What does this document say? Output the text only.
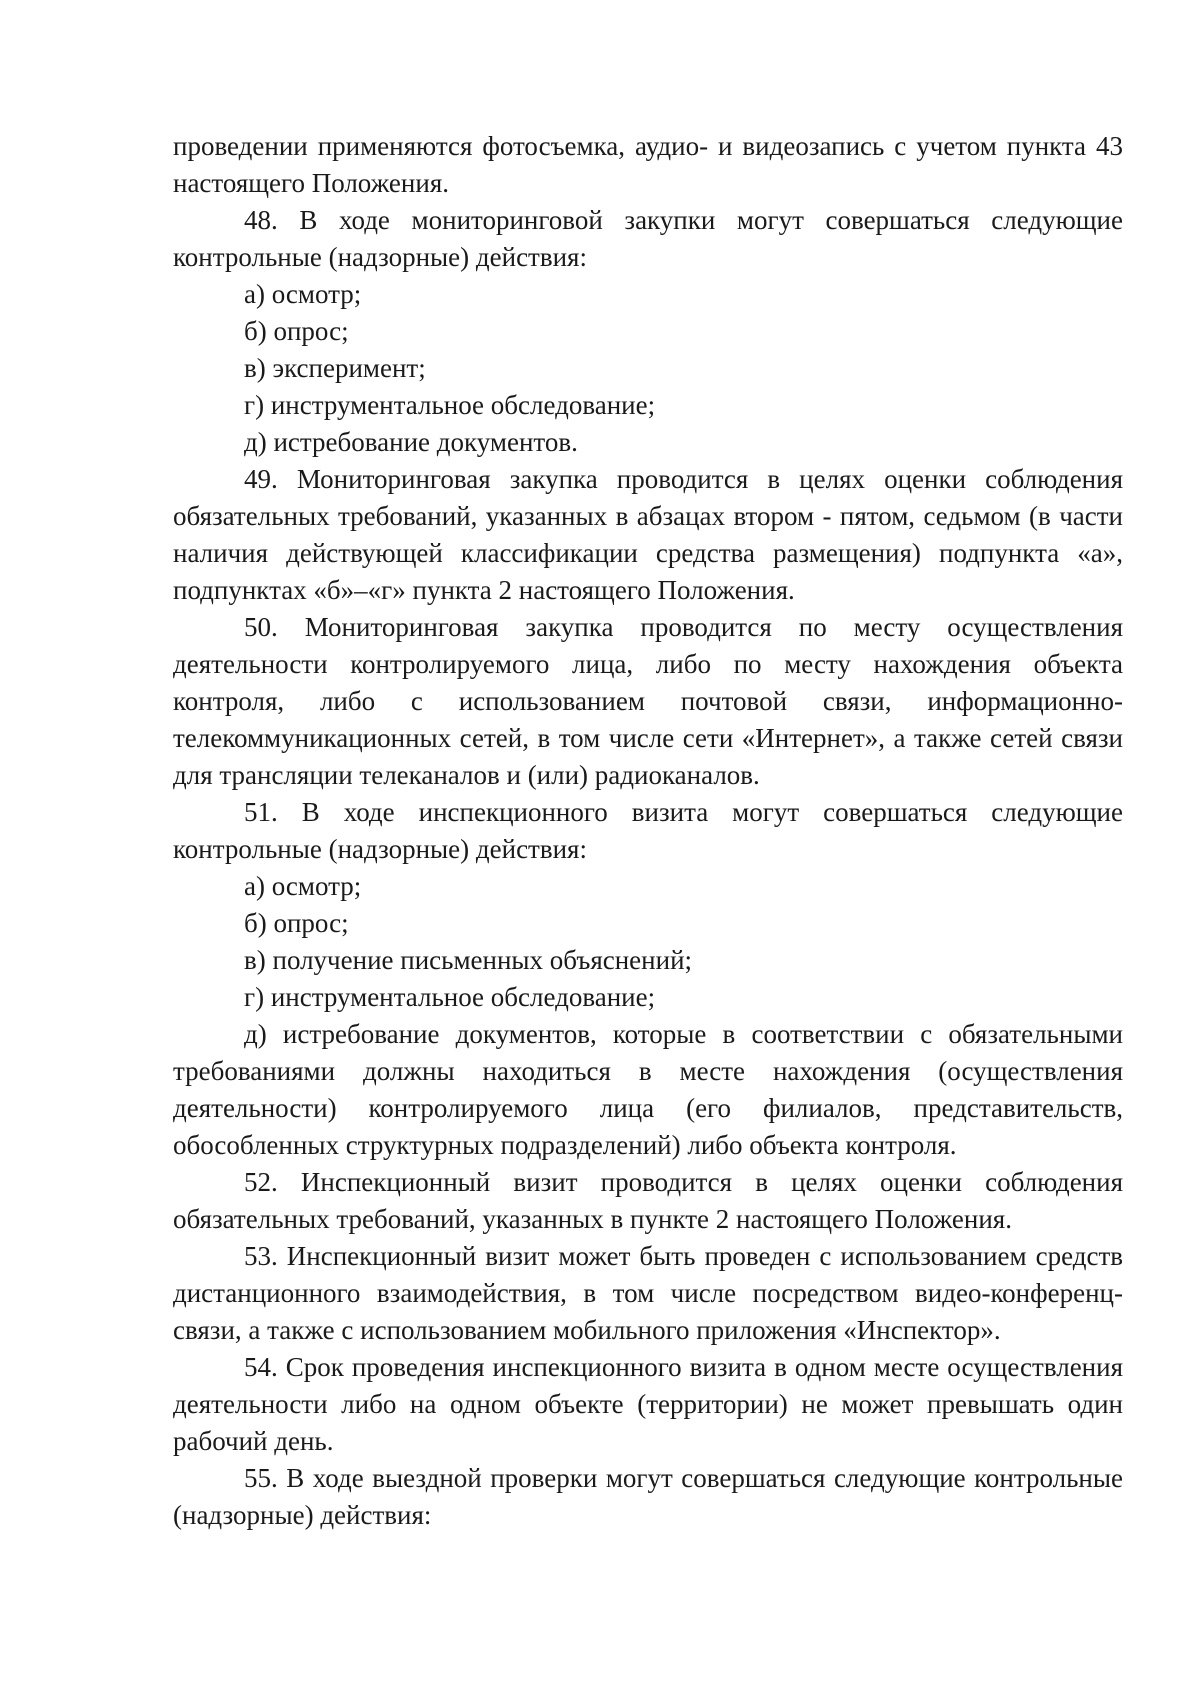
проведении применяются фотосъемка, аудио- и видеозапись с учетом пункта 43 настоящего Положения.

48. В ходе мониторинговой закупки могут совершаться следующие контрольные (надзорные) действия:

а) осмотр;

б) опрос;

в) эксперимент;

г) инструментальное обследование;

д) истребование документов.

49. Мониторинговая закупка проводится в целях оценки соблюдения обязательных требований, указанных в абзацах втором - пятом, седьмом (в части наличия действующей классификации средства размещения) подпункта «а», подпунктах «б»–«г» пункта 2 настоящего Положения.

50. Мониторинговая закупка проводится по месту осуществления деятельности контролируемого лица, либо по месту нахождения объекта контроля, либо с использованием почтовой связи, информационно-телекоммуникационных сетей, в том числе сети «Интернет», а также сетей связи для трансляции телеканалов и (или) радиоканалов.

51. В ходе инспекционного визита могут совершаться следующие контрольные (надзорные) действия:

а) осмотр;

б) опрос;

в) получение письменных объяснений;

г) инструментальное обследование;

д) истребование документов, которые в соответствии с обязательными требованиями должны находиться в месте нахождения (осуществления деятельности) контролируемого лица (его филиалов, представительств, обособленных структурных подразделений) либо объекта контроля.

52. Инспекционный визит проводится в целях оценки соблюдения обязательных требований, указанных в пункте 2 настоящего Положения.

53. Инспекционный визит может быть проведен с использованием средств дистанционного взаимодействия, в том числе посредством видео-конференц-связи, а также с использованием мобильного приложения «Инспектор».

54. Срок проведения инспекционного визита в одном месте осуществления деятельности либо на одном объекте (территории) не может превышать один рабочий день.

55. В ходе выездной проверки могут совершаться следующие контрольные (надзорные) действия:
